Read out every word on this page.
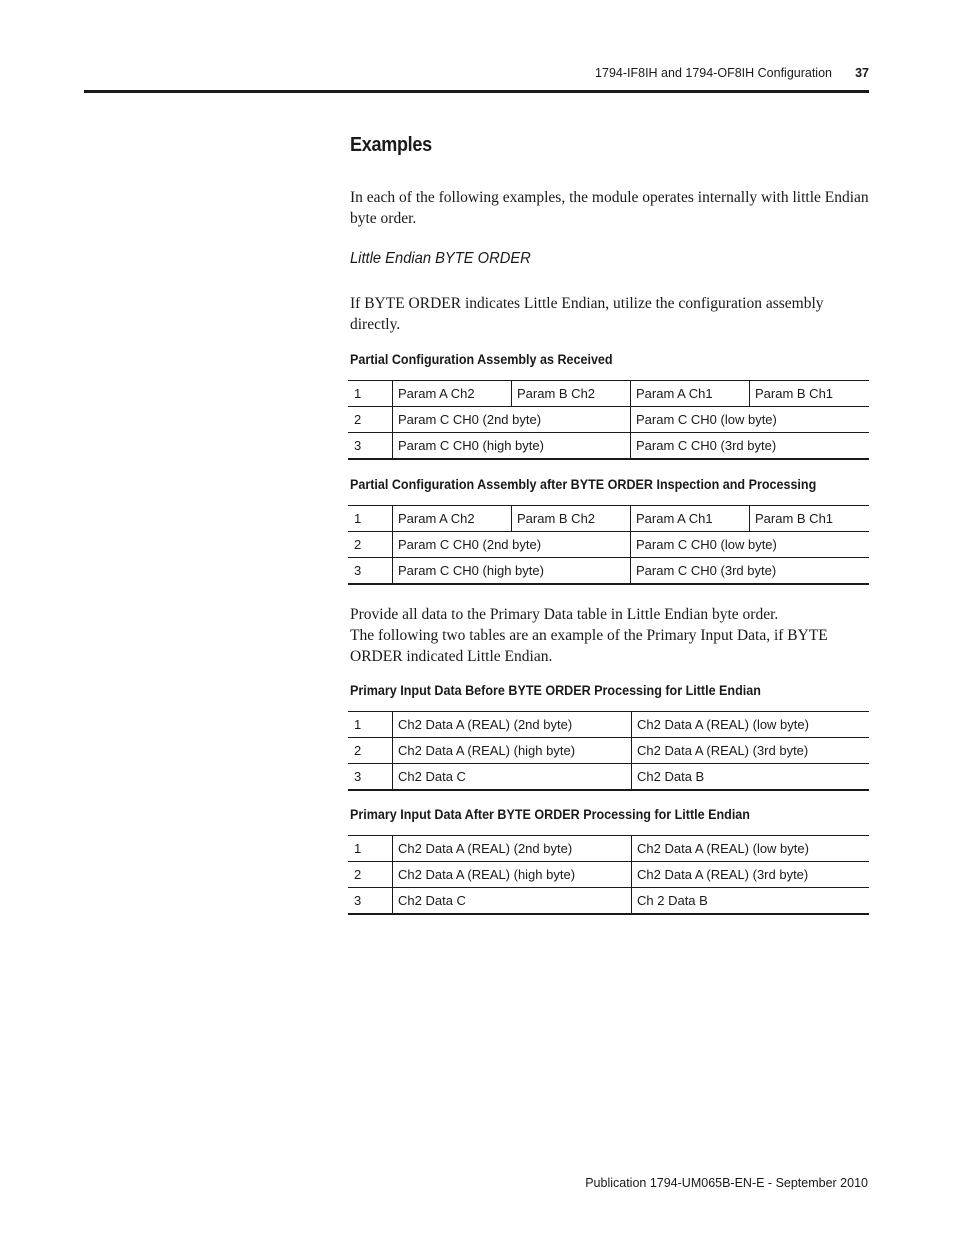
1794-IF8IH and 1794-OF8IH Configuration 37
Examples

In each of the following examples, the module operates internally with little Endian byte order.

Little Endian BYTE ORDER

If BYTE ORDER indicates Little Endian, utilize the configuration assembly directly.

Partial Configuration Assembly as Received

1	Param A Ch2	Param B Ch2	Param A Ch1	Param B Ch1
2	Param C CH0 (2nd byte)		Param C CH0 (low byte)	
3	Param C CH0 (high byte)		Param C CH0 (3rd byte)	

Partial Configuration Assembly after BYTE ORDER Inspection and Processing

1	Param A Ch2	Param B Ch2	Param A Ch1	Param B Ch1
2	Param C CH0 (2nd byte)		Param C CH0 (low byte)	
3	Param C CH0 (high byte)		Param C CH0 (3rd byte)	

Provide all data to the Primary Data table in Little Endian byte order.
The following two tables are an example of the Primary Input Data, if BYTE ORDER indicated Little Endian.

Primary Input Data Before BYTE ORDER Processing for Little Endian

1	Ch2 Data A (REAL) (2nd byte)	Ch2 Data A (REAL) (low byte)
2	Ch2 Data A (REAL) (high byte)	Ch2 Data A (REAL) (3rd byte)
3	Ch2 Data C	Ch2 Data B

Primary Input Data After BYTE ORDER Processing for Little Endian

1	Ch2 Data A (REAL) (2nd byte)	Ch2 Data A (REAL) (low byte)
2	Ch2 Data A (REAL) (high byte)	Ch2 Data A (REAL) (3rd byte)
3	Ch2 Data C	Ch 2 Data B
Publication 1794-UM065B-EN-E - September 2010
